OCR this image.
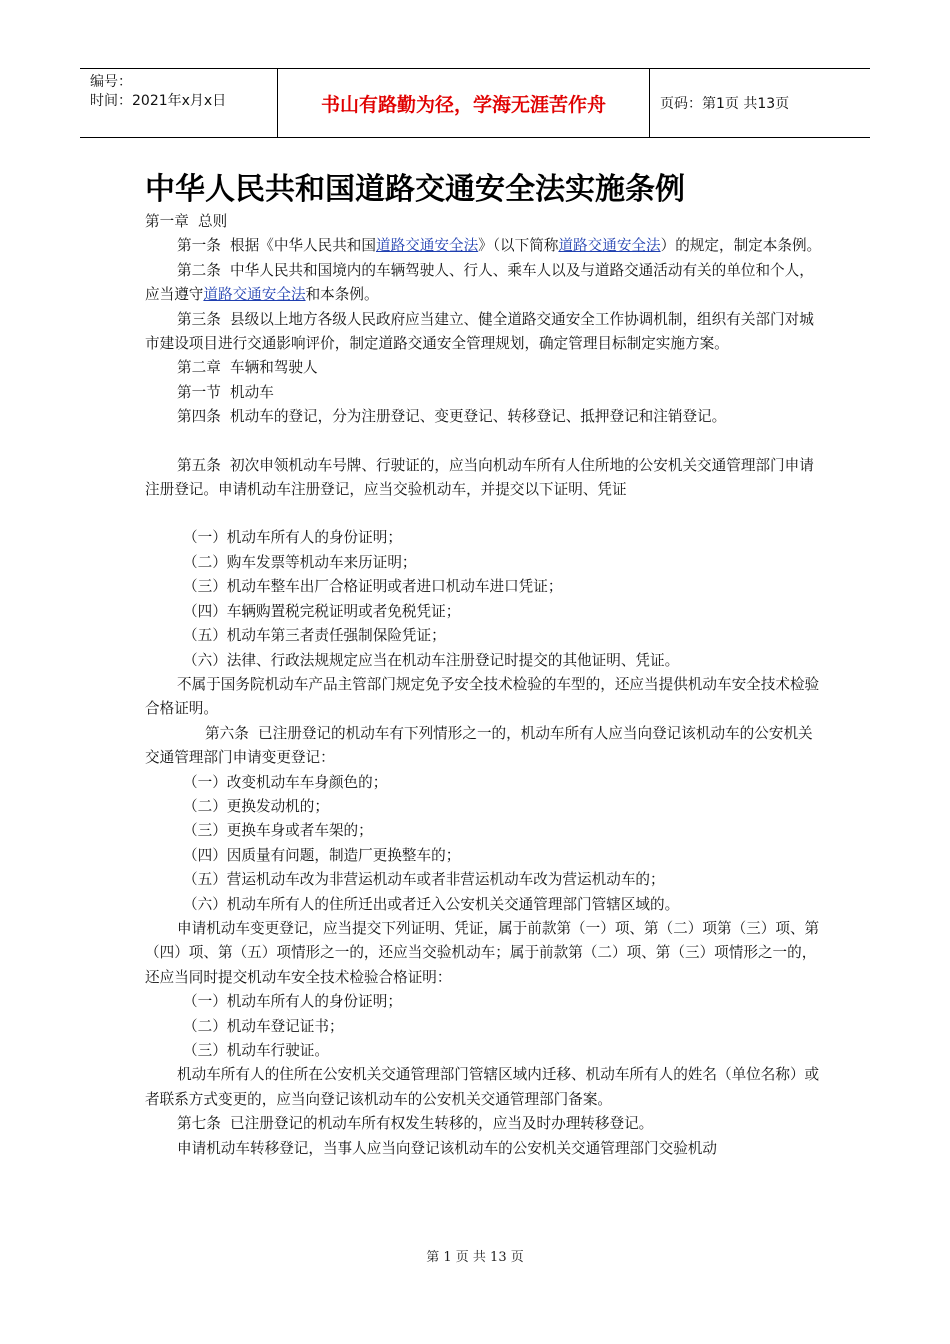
编号：
时间：2021年x月x日	书山有路勤为径，学海无涯苦作舟	页码：第1页 共13页
中华人民共和国道路交通安全法实施条例

第一章  总则

第一条  根据《中华人民共和国道路交通安全法》（以下简称道路交通安全法）的规定，制定本条例。

第二条  中华人民共和国境内的车辆驾驶人、行人、乘车人以及与道路交通活动有关的单位和个人，应当遵守道路交通安全法和本条例。

第三条  县级以上地方各级人民政府应当建立、健全道路交通安全工作协调机制，组织有关部门对城市建设项目进行交通影响评价，制定道路交通安全管理规划，确定管理目标制定实施方案。

第二章  车辆和驾驶人

第一节  机动车

第四条  机动车的登记，分为注册登记、变更登记、转移登记、抵押登记和注销登记。

第五条  初次申领机动车号牌、行驶证的，应当向机动车所有人住所地的公安机关交通管理部门申请注册登记。申请机动车注册登记，应当交验机动车，并提交以下证明、凭证

（一）机动车所有人的身份证明；

（二）购车发票等机动车来历证明；

（三）机动车整车出厂合格证明或者进口机动车进口凭证；

（四）车辆购置税完税证明或者免税凭证；

（五）机动车第三者责任强制保险凭证；

（六）法律、行政法规规定应当在机动车注册登记时提交的其他证明、凭证。

不属于国务院机动车产品主管部门规定免予安全技术检验的车型的，还应当提供机动车安全技术检验合格证明。

第六条  已注册登记的机动车有下列情形之一的，机动车所有人应当向登记该机动车的公安机关交通管理部门申请变更登记：

（一）改变机动车车身颜色的；

（二）更换发动机的；

（三）更换车身或者车架的；

（四）因质量有问题，制造厂更换整车的；

（五）营运机动车改为非营运机动车或者非营运机动车改为营运机动车的；

（六）机动车所有人的住所迁出或者迁入公安机关交通管理部门管辖区域的。

申请机动车变更登记，应当提交下列证明、凭证，属于前款第（一）项、第（二）项第（三）项、第（四）项、第（五）项情形之一的，还应当交验机动车；属于前款第（二）项、第（三）项情形之一的，还应当同时提交机动车安全技术检验合格证明：

（一）机动车所有人的身份证明；

（二）机动车登记证书；

（三）机动车行驶证。

机动车所有人的住所在公安机关交通管理部门管辖区域内迁移、机动车所有人的姓名（单位名称）或者联系方式变更的，应当向登记该机动车的公安机关交通管理部门备案。

第七条  已注册登记的机动车所有权发生转移的，应当及时办理转移登记。

申请机动车转移登记，当事人应当向登记该机动车的公安机关交通管理部门交验机动

第 1 页 共 13 页
